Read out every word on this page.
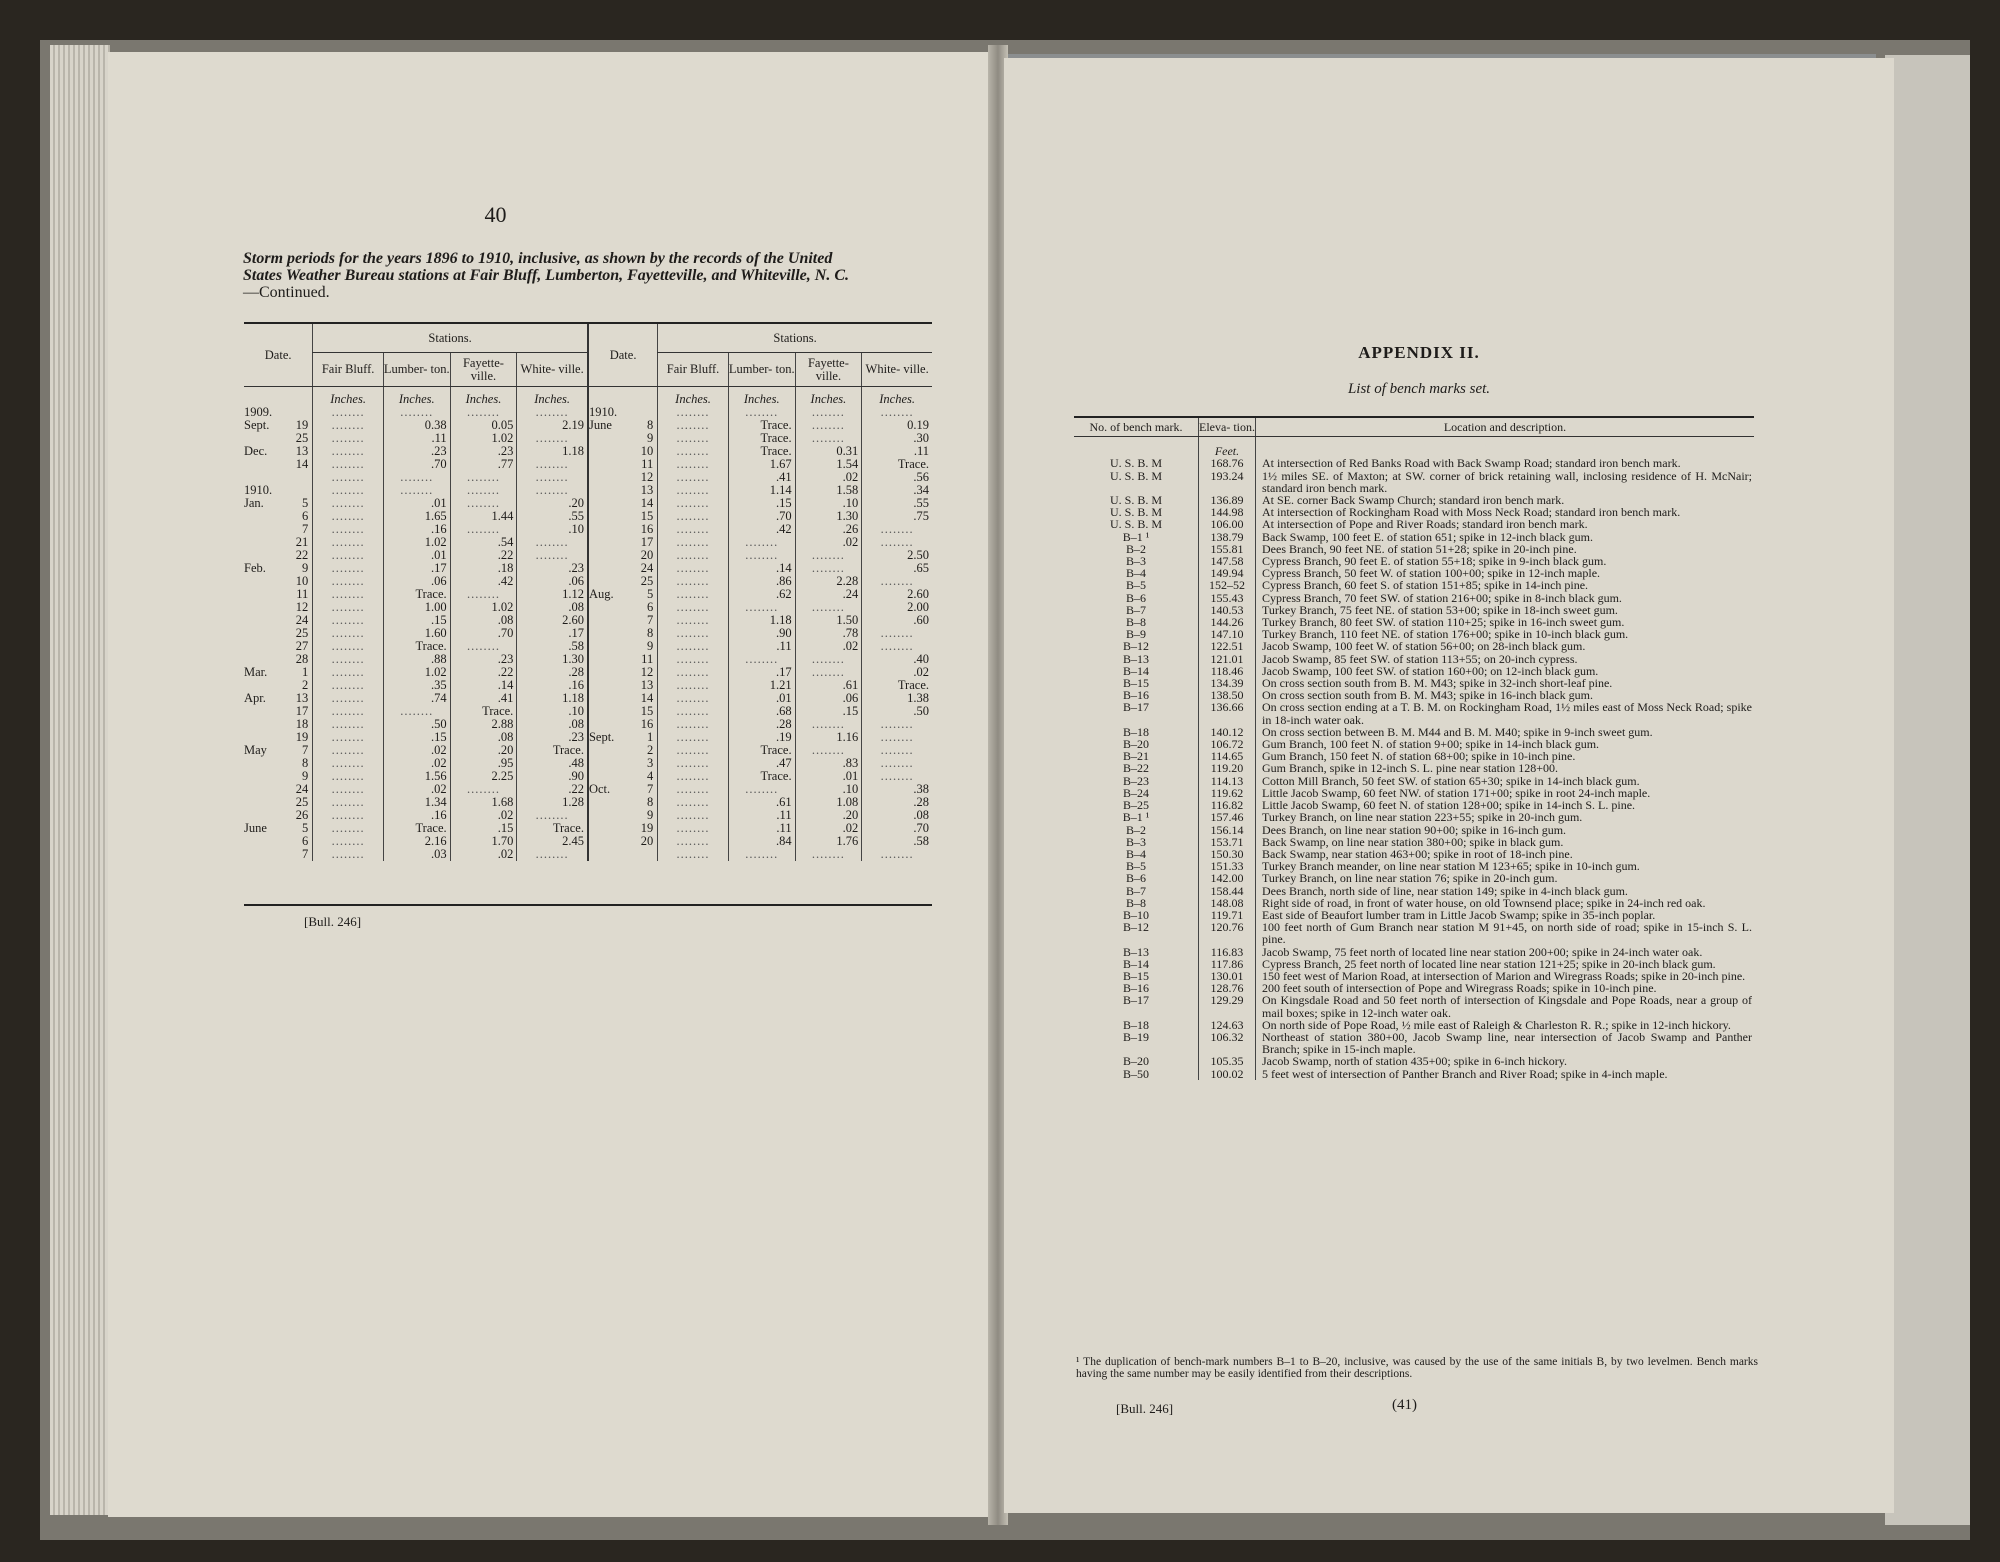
40
Storm periods for the years 1896 to 1910, inclusive, as shown by the records of the United States Weather Bureau stations at Fair Bluff, Lumberton, Fayetteville, and Whiteville, N. C.—Continued.
Date.		Stations.				Date.		Stations.			
		Fair Bluff.	Lumber- ton.	Fayette- ville.	White- ville.			Fair Bluff.	Lumber- ton.	Fayette- ville.	White- ville.

		Inches.	Inches.	Inches.	Inches.			Inches.	Inches.	Inches.	Inches.
1909.		........	........	........	........	1910.		........	........	........	........
Sept.	19	........	0.38	0.05	2.19	June	8	........	Trace.	........	0.19
	25	........	.11	1.02	........		9	........	Trace.	........	.30
Dec.	13	........	.23	.23	1.18		10	........	Trace.	0.31	.11
	14	........	.70	.77	........		11	........	1.67	1.54	Trace.
		........	........	........	........		12	........	.41	.02	.56
1910.		........	........	........	........		13	........	1.14	1.58	.34
Jan.	5	........	.01	........	.20		14	........	.15	.10	.55
	6	........	1.65	1.44	.55		15	........	.70	1.30	.75
	7	........	.16	........	.10		16	........	.42	.26	........
	21	........	1.02	.54	........		17	........	........	.02	........
	22	........	.01	.22	........		20	........	........	........	2.50
Feb.	9	........	.17	.18	.23		24	........	.14	........	.65
	10	........	.06	.42	.06		25	........	.86	2.28	........
	11	........	Trace.	........	1.12	Aug.	5	........	.62	.24	2.60
	12	........	1.00	1.02	.08		6	........	........	........	2.00
	24	........	.15	.08	2.60		7	........	1.18	1.50	.60
	25	........	1.60	.70	.17		8	........	.90	.78	........
	27	........	Trace.	........	.58		9	........	.11	.02	........
	28	........	.88	.23	1.30		11	........	........	........	.40
Mar.	1	........	1.02	.22	.28		12	........	.17	........	.02
	2	........	.35	.14	.16		13	........	1.21	.61	Trace.
Apr.	13	........	.74	.41	1.18		14	........	.01	.06	1.38
	17	........	........	Trace.	.10		15	........	.68	.15	.50
	18	........	.50	2.88	.08		16	........	.28	........	........
	19	........	.15	.08	.23	Sept.	1	........	.19	1.16	........
May	7	........	.02	.20	Trace.		2	........	Trace.	........	........
	8	........	.02	.95	.48		3	........	.47	.83	........
	9	........	1.56	2.25	.90		4	........	Trace.	.01	........
	24	........	.02	........	.22	Oct.	7	........	........	.10	.38
	25	........	1.34	1.68	1.28		8	........	.61	1.08	.28
	26	........	.16	.02	........		9	........	.11	.20	.08
June	5	........	Trace.	.15	Trace.		19	........	.11	.02	.70
	6	........	2.16	1.70	2.45		20	........	.84	1.76	.58
	7	........	.03	.02	........			........	........	........	........
[Bull. 246]
APPENDIX II.
List of bench marks set.
No. of bench mark.	Eleva- tion.	Location and description.
	Feet.	
U. S. B. M	168.76	At intersection of Red Banks Road with Back Swamp Road; standard iron bench mark.
U. S. B. M	193.24	1½ miles SE. of Maxton; at SW. corner of brick retaining wall, inclosing residence of H. McNair; standard iron bench mark.
U. S. B. M	136.89	At SE. corner Back Swamp Church; standard iron bench mark.
U. S. B. M	144.98	At intersection of Rockingham Road with Moss Neck Road; standard iron bench mark.
U. S. B. M	106.00	At intersection of Pope and River Roads; standard iron bench mark.
B–1 ¹	138.79	Back Swamp, 100 feet E. of station 651; spike in 12-inch black gum.
B–2	155.81	Dees Branch, 90 feet NE. of station 51+28; spike in 20-inch pine.
B–3	147.58	Cypress Branch, 90 feet E. of station 55+18; spike in 9-inch black gum.
B–4	149.94	Cypress Branch, 50 feet W. of station 100+00; spike in 12-inch maple.
B–5	152–52	Cypress Branch, 60 feet S. of station 151+85; spike in 14-inch pine.
B–6	155.43	Cypress Branch, 70 feet SW. of station 216+00; spike in 8-inch black gum.
B–7	140.53	Turkey Branch, 75 feet NE. of station 53+00; spike in 18-inch sweet gum.
B–8	144.26	Turkey Branch, 80 feet SW. of station 110+25; spike in 16-inch sweet gum.
B–9	147.10	Turkey Branch, 110 feet NE. of station 176+00; spike in 10-inch black gum.
B–12	122.51	Jacob Swamp, 100 feet W. of station 56+00; on 28-inch black gum.
B–13	121.01	Jacob Swamp, 85 feet SW. of station 113+55; on 20-inch cypress.
B–14	118.46	Jacob Swamp, 100 feet SW. of station 160+00; on 12-inch black gum.
B–15	134.39	On cross section south from B. M. M43; spike in 32-inch short-leaf pine.
B–16	138.50	On cross section south from B. M. M43; spike in 16-inch black gum.
B–17	136.66	On cross section ending at a T. B. M. on Rockingham Road, 1½ miles east of Moss Neck Road; spike in 18-inch water oak.
B–18	140.12	On cross section between B. M. M44 and B. M. M40; spike in 9-inch sweet gum.
B–20	106.72	Gum Branch, 100 feet N. of station 9+00; spike in 14-inch black gum.
B–21	114.65	Gum Branch, 150 feet N. of station 68+00; spike in 10-inch pine.
B–22	119.20	Gum Branch, spike in 12-inch S. L. pine near station 128+00.
B–23	114.13	Cotton Mill Branch, 50 feet SW. of station 65+30; spike in 14-inch black gum.
B–24	119.62	Little Jacob Swamp, 60 feet NW. of station 171+00; spike in root 24-inch maple.
B–25	116.82	Little Jacob Swamp, 60 feet N. of station 128+00; spike in 14-inch S. L. pine.
B–1 ¹	157.46	Turkey Branch, on line near station 223+55; spike in 20-inch gum.
B–2	156.14	Dees Branch, on line near station 90+00; spike in 16-inch gum.
B–3	153.71	Back Swamp, on line near station 380+00; spike in black gum.
B–4	150.30	Back Swamp, near station 463+00; spike in root of 18-inch pine.
B–5	151.33	Turkey Branch meander, on line near station M 123+65; spike in 10-inch gum.
B–6	142.00	Turkey Branch, on line near station 76; spike in 20-inch gum.
B–7	158.44	Dees Branch, north side of line, near station 149; spike in 4-inch black gum.
B–8	148.08	Right side of road, in front of water house, on old Townsend place; spike in 24-inch red oak.
B–10	119.71	East side of Beaufort lumber tram in Little Jacob Swamp; spike in 35-inch poplar.
B–12	120.76	100 feet north of Gum Branch near station M 91+45, on north side of road; spike in 15-inch S. L. pine.
B–13	116.83	Jacob Swamp, 75 feet north of located line near station 200+00; spike in 24-inch water oak.
B–14	117.86	Cypress Branch, 25 feet north of located line near station 121+25; spike in 20-inch black gum.
B–15	130.01	150 feet west of Marion Road, at intersection of Marion and Wiregrass Roads; spike in 20-inch pine.
B–16	128.76	200 feet south of intersection of Pope and Wiregrass Roads; spike in 10-inch pine.
B–17	129.29	On Kingsdale Road and 50 feet north of intersection of Kingsdale and Pope Roads, near a group of mail boxes; spike in 12-inch water oak.
B–18	124.63	On north side of Pope Road, ½ mile east of Raleigh & Charleston R. R.; spike in 12-inch hickory.
B–19	106.32	Northeast of station 380+00, Jacob Swamp line, near intersection of Jacob Swamp and Panther Branch; spike in 15-inch maple.
B–20	105.35	Jacob Swamp, north of station 435+00; spike in 6-inch hickory.
B–50	100.02	5 feet west of intersection of Panther Branch and River Road; spike in 4-inch maple.
¹ The duplication of bench-mark numbers B–1 to B–20, inclusive, was caused by the use of the same initials B, by two levelmen. Bench marks having the same number may be easily identified from their descriptions.
[Bull. 246]	(41)
